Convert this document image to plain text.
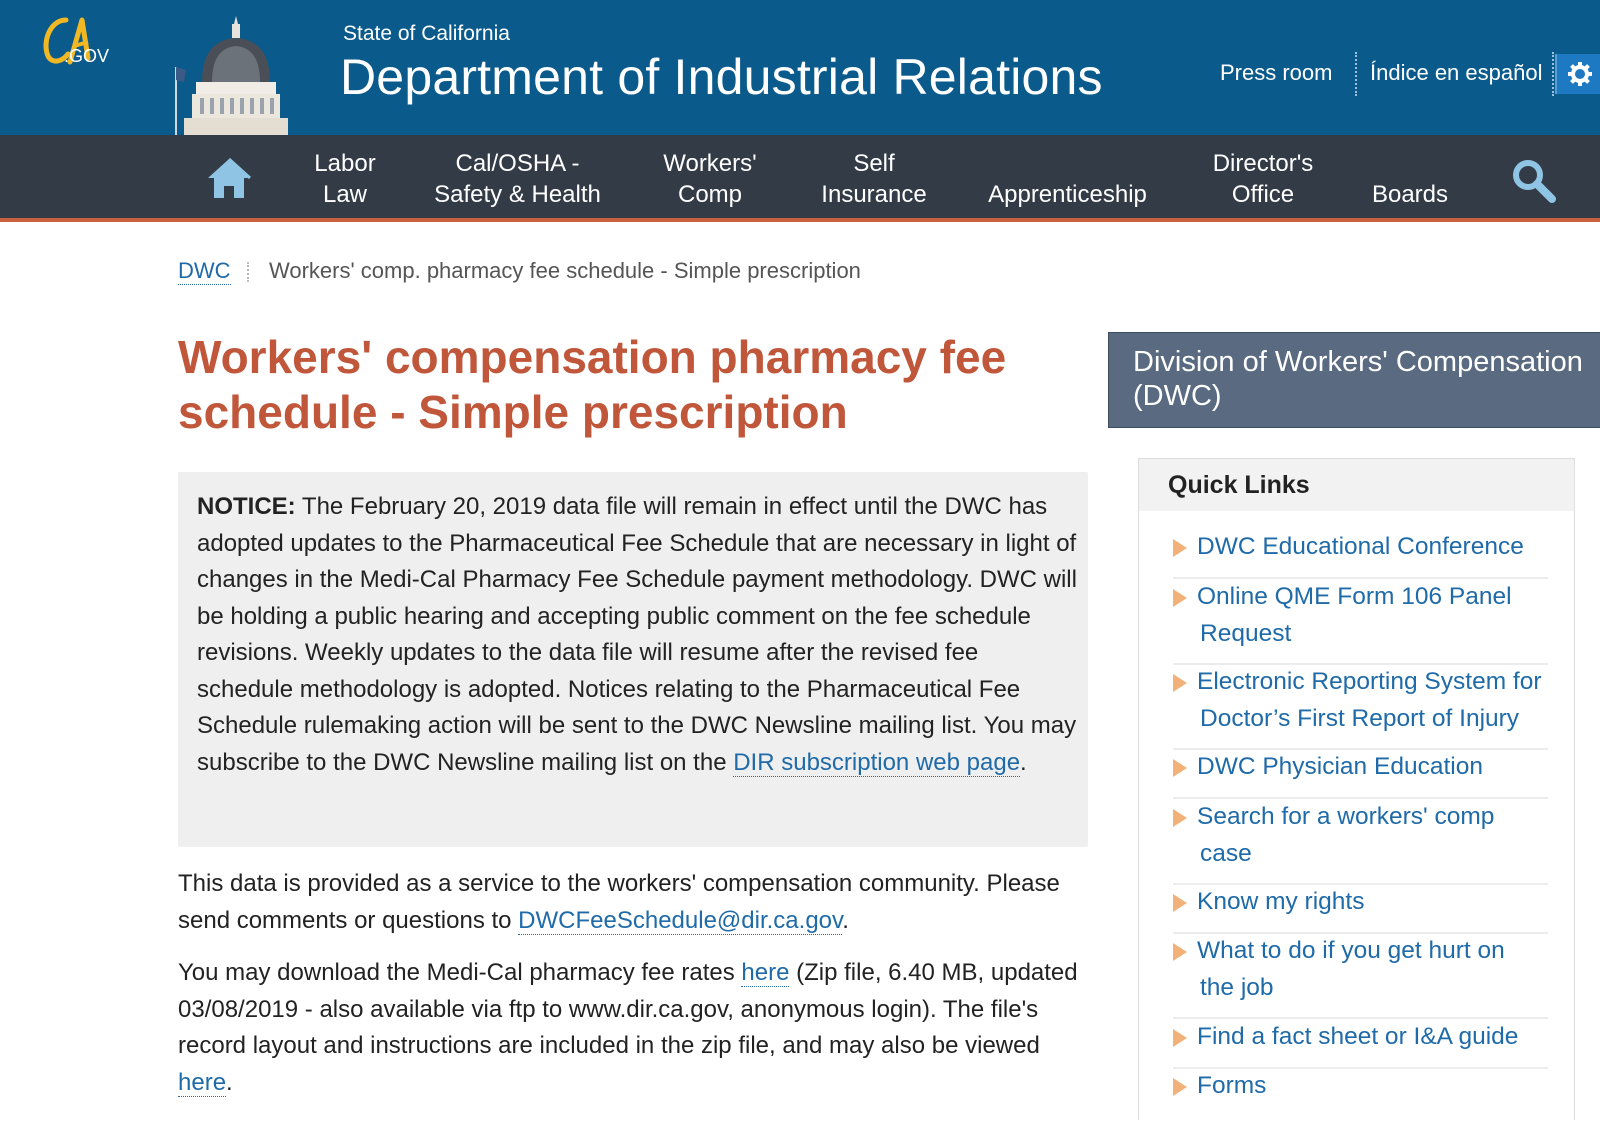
.GOV
State of California
Department of Industrial Relations	Press room Índice en español
Labor
Law
Cal/OSHA -
Safety & Health
Workers'
Comp
Self
Insurance	Apprenticeship
Director's
Office	Boards
DWC Workers' comp. pharmacy fee schedule - Simple prescription
Workers' compensation pharmacy fee schedule - Simple prescription
NOTICE: The February 20, 2019 data file will remain in effect until the DWC has adopted updates to the Pharmaceutical Fee Schedule that are necessary in light of changes in the Medi-Cal Pharmacy Fee Schedule payment methodology. DWC will be holding a public hearing and accepting public comment on the fee schedule revisions. Weekly updates to the data file will resume after the revised fee schedule methodology is adopted. Notices relating to the Pharmaceutical Fee Schedule rulemaking action will be sent to the DWC Newsline mailing list. You may subscribe to the DWC Newsline mailing list on the DIR subscription web page.
This data is provided as a service to the workers' compensation community. Please send comments or questions to DWCFeeSchedule@dir.ca.gov.
You may download the Medi-Cal pharmacy fee rates here (Zip file, 6.40 MB, updated 03/08/2019 - also available via ftp to www.dir.ca.gov, anonymous login). The file's record layout and instructions are included in the zip file, and may also be viewed here.
Division of Workers' Compensation (DWC)
Quick Links
DWC Educational Conference
Online QME Form 106 Panel
Request
Electronic Reporting System for
Doctor’s First Report of Injury
DWC Physician Education
Search for a workers' comp
case
Know my rights
What to do if you get hurt on
the job
Find a fact sheet or I&A guide
Forms
